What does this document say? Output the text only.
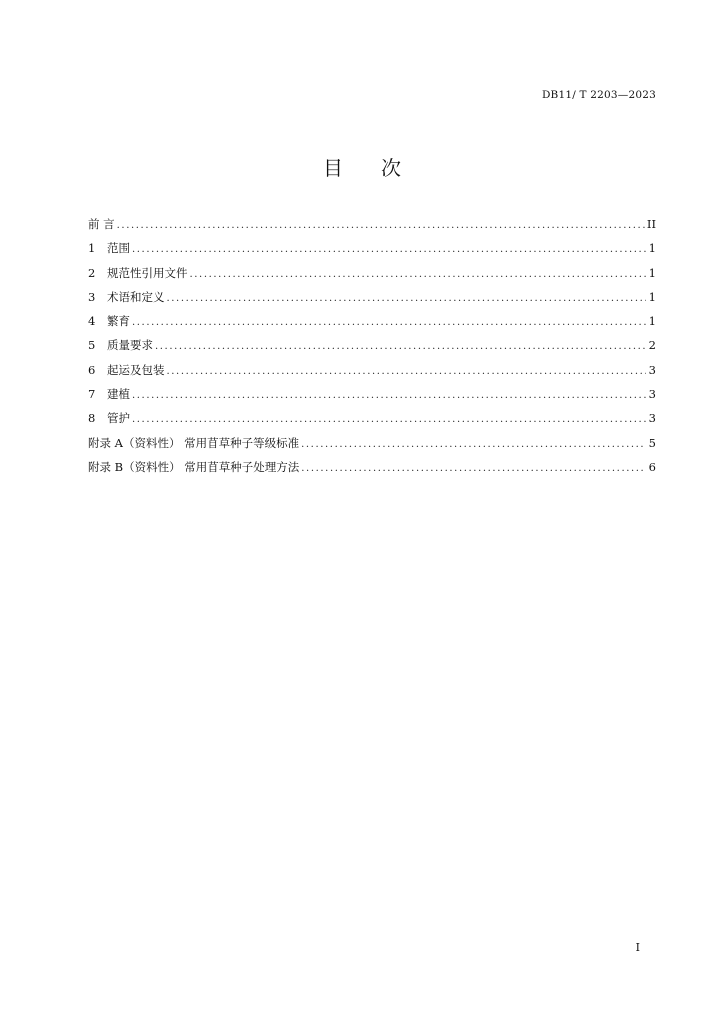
DB11/ T 2203—2023
目 次
前 言 .....	II
1	范围 .....	1
2	规范性引用文件 .....	1
3	术语和定义 .....	1
4	繁育 .....	1
5	质量要求 .....	2
6	起运及包装 .....	3
7	建植 .....	3
8	管护 .....	3
附录 A（资料性） 常用苜草种子等级标准 .....	5
附录 B（资料性） 常用苜草种子处理方法 .....	6
I
